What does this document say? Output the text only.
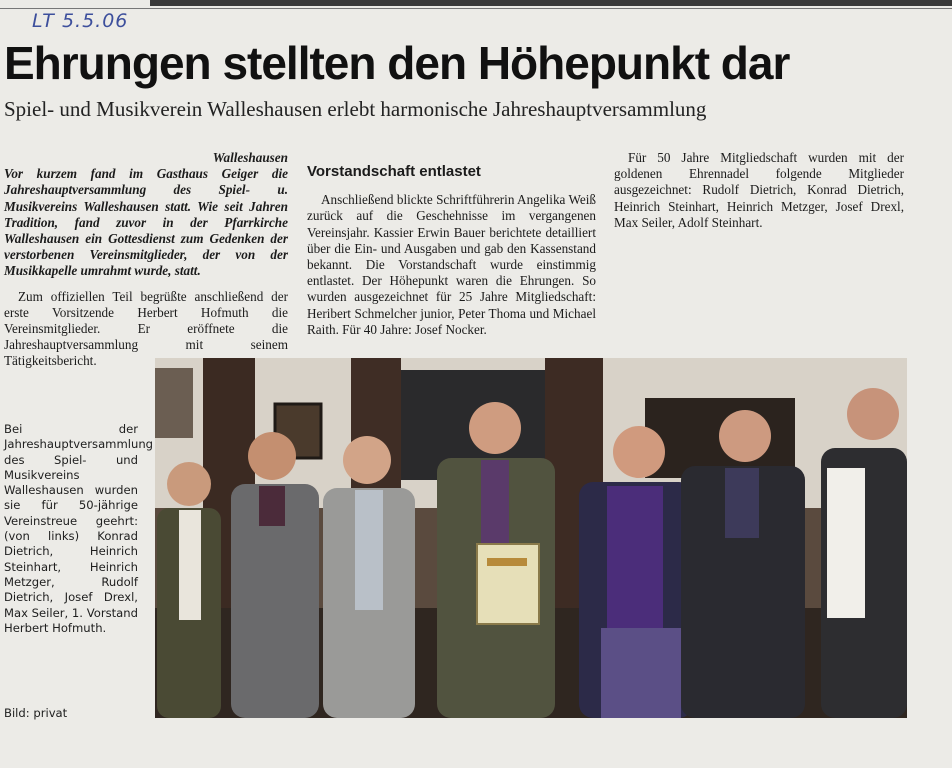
LT 5.5.06
Ehrungen stellten den Höhepunkt dar
Spiel- und Musikverein Walleshausen erlebt harmonische Jahreshauptversammlung

Walleshausen

Vor kurzem fand im Gasthaus Geiger die Jahreshauptversammlung des Spiel- u. Musikvereins Walleshausen statt. Wie seit Jahren Tradition, fand zuvor in der Pfarrkirche Walleshausen ein Gottesdienst zum Gedenken der verstorbenen Vereinsmitglieder, der von der Musikkapelle umrahmt wurde, statt.

Zum offiziellen Teil begrüßte anschließend der erste Vorsitzende Herbert Hofmuth die Vereinsmitglieder. Er eröffnete die Jahreshauptversammlung mit seinem Tätigkeitsbericht.

Vorstandschaft entlastet

Anschließend blickte Schriftführerin Angelika Weiß zurück auf die Geschehnisse im vergangenen Vereinsjahr. Kassier Erwin Bauer berichtete detailliert über die Ein- und Ausgaben und gab den Kassenstand bekannt. Die Vorstandschaft wurde einstimmig entlastet. Der Höhepunkt waren die Ehrungen. So wurden ausgezeichnet für 25 Jahre Mitgliedschaft: Heribert Schmelcher junior, Peter Thoma und Michael Raith. Für 40 Jahre: Josef Nocker.

Für 50 Jahre Mitgliedschaft wurden mit der goldenen Ehrennadel folgende Mitglieder ausgezeichnet: Rudolf Dietrich, Konrad Dietrich, Heinrich Steinhart, Heinrich Metzger, Josef Drexl, Max Seiler, Adolf Steinhart.

Bei der Jahreshauptversammlung des Spiel- und Musikvereins Walleshausen wurden sie für 50-jährige Vereinstreue geehrt: (von links) Konrad Dietrich, Heinrich Steinhart, Heinrich Metzger, Rudolf Dietrich, Josef Drexl, Max Seiler, 1. Vorstand Herbert Hofmuth.
Bild: privat
